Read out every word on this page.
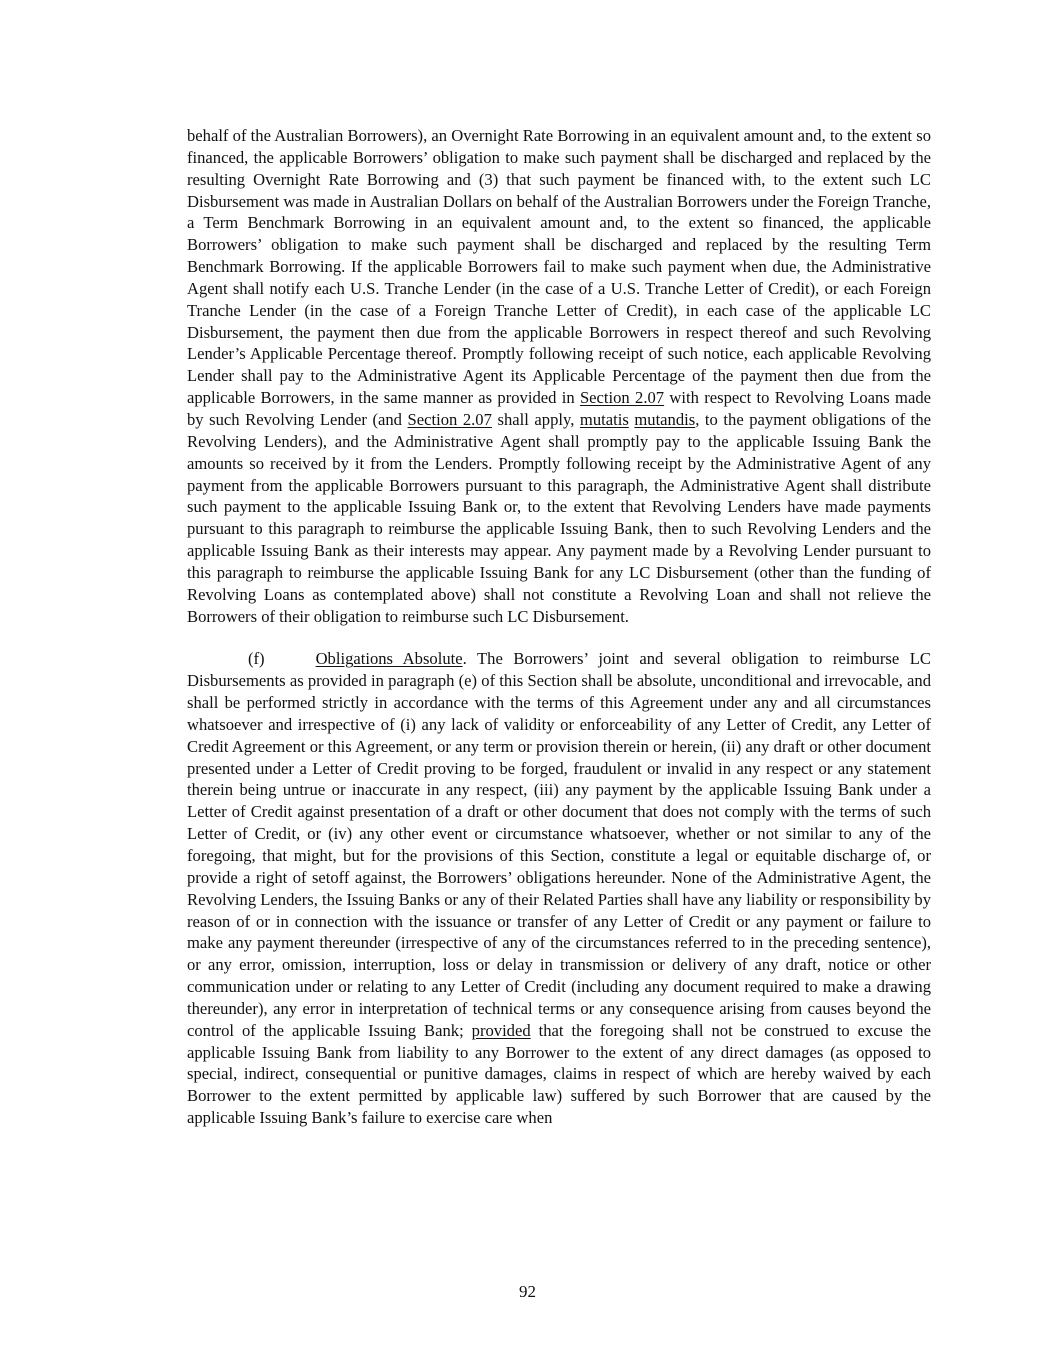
behalf of the Australian Borrowers), an Overnight Rate Borrowing in an equivalent amount and, to the extent so financed, the applicable Borrowers’ obligation to make such payment shall be discharged and replaced by the resulting Overnight Rate Borrowing and (3) that such payment be financed with, to the extent such LC Disbursement was made in Australian Dollars on behalf of the Australian Borrowers under the Foreign Tranche, a Term Benchmark Borrowing in an equivalent amount and, to the extent so financed, the applicable Borrowers’ obligation to make such payment shall be discharged and replaced by the resulting Term Benchmark Borrowing. If the applicable Borrowers fail to make such payment when due, the Administrative Agent shall notify each U.S. Tranche Lender (in the case of a U.S. Tranche Letter of Credit), or each Foreign Tranche Lender (in the case of a Foreign Tranche Letter of Credit), in each case of the applicable LC Disbursement, the payment then due from the applicable Borrowers in respect thereof and such Revolving Lender’s Applicable Percentage thereof. Promptly following receipt of such notice, each applicable Revolving Lender shall pay to the Administrative Agent its Applicable Percentage of the payment then due from the applicable Borrowers, in the same manner as provided in Section 2.07 with respect to Revolving Loans made by such Revolving Lender (and Section 2.07 shall apply, mutatis mutandis, to the payment obligations of the Revolving Lenders), and the Administrative Agent shall promptly pay to the applicable Issuing Bank the amounts so received by it from the Lenders. Promptly following receipt by the Administrative Agent of any payment from the applicable Borrowers pursuant to this paragraph, the Administrative Agent shall distribute such payment to the applicable Issuing Bank or, to the extent that Revolving Lenders have made payments pursuant to this paragraph to reimburse the applicable Issuing Bank, then to such Revolving Lenders and the applicable Issuing Bank as their interests may appear. Any payment made by a Revolving Lender pursuant to this paragraph to reimburse the applicable Issuing Bank for any LC Disbursement (other than the funding of Revolving Loans as contemplated above) shall not constitute a Revolving Loan and shall not relieve the Borrowers of their obligation to reimburse such LC Disbursement.

(f)	Obligations Absolute. The Borrowers’ joint and several obligation to reimburse LC Disbursements as provided in paragraph (e) of this Section shall be absolute, unconditional and irrevocable, and shall be performed strictly in accordance with the terms of this Agreement under any and all circumstances whatsoever and irrespective of (i) any lack of validity or enforceability of any Letter of Credit, any Letter of Credit Agreement or this Agreement, or any term or provision therein or herein, (ii) any draft or other document presented under a Letter of Credit proving to be forged, fraudulent or invalid in any respect or any statement therein being untrue or inaccurate in any respect, (iii) any payment by the applicable Issuing Bank under a Letter of Credit against presentation of a draft or other document that does not comply with the terms of such Letter of Credit, or (iv) any other event or circumstance whatsoever, whether or not similar to any of the foregoing, that might, but for the provisions of this Section, constitute a legal or equitable discharge of, or provide a right of setoff against, the Borrowers’ obligations hereunder. None of the Administrative Agent, the Revolving Lenders, the Issuing Banks or any of their Related Parties shall have any liability or responsibility by reason of or in connection with the issuance or transfer of any Letter of Credit or any payment or failure to make any payment thereunder (irrespective of any of the circumstances referred to in the preceding sentence), or any error, omission, interruption, loss or delay in transmission or delivery of any draft, notice or other communication under or relating to any Letter of Credit (including any document required to make a drawing thereunder), any error in interpretation of technical terms or any consequence arising from causes beyond the control of the applicable Issuing Bank; provided that the foregoing shall not be construed to excuse the applicable Issuing Bank from liability to any Borrower to the extent of any direct damages (as opposed to special, indirect, consequential or punitive damages, claims in respect of which are hereby waived by each Borrower to the extent permitted by applicable law) suffered by such Borrower that are caused by the applicable Issuing Bank’s failure to exercise care when

92
